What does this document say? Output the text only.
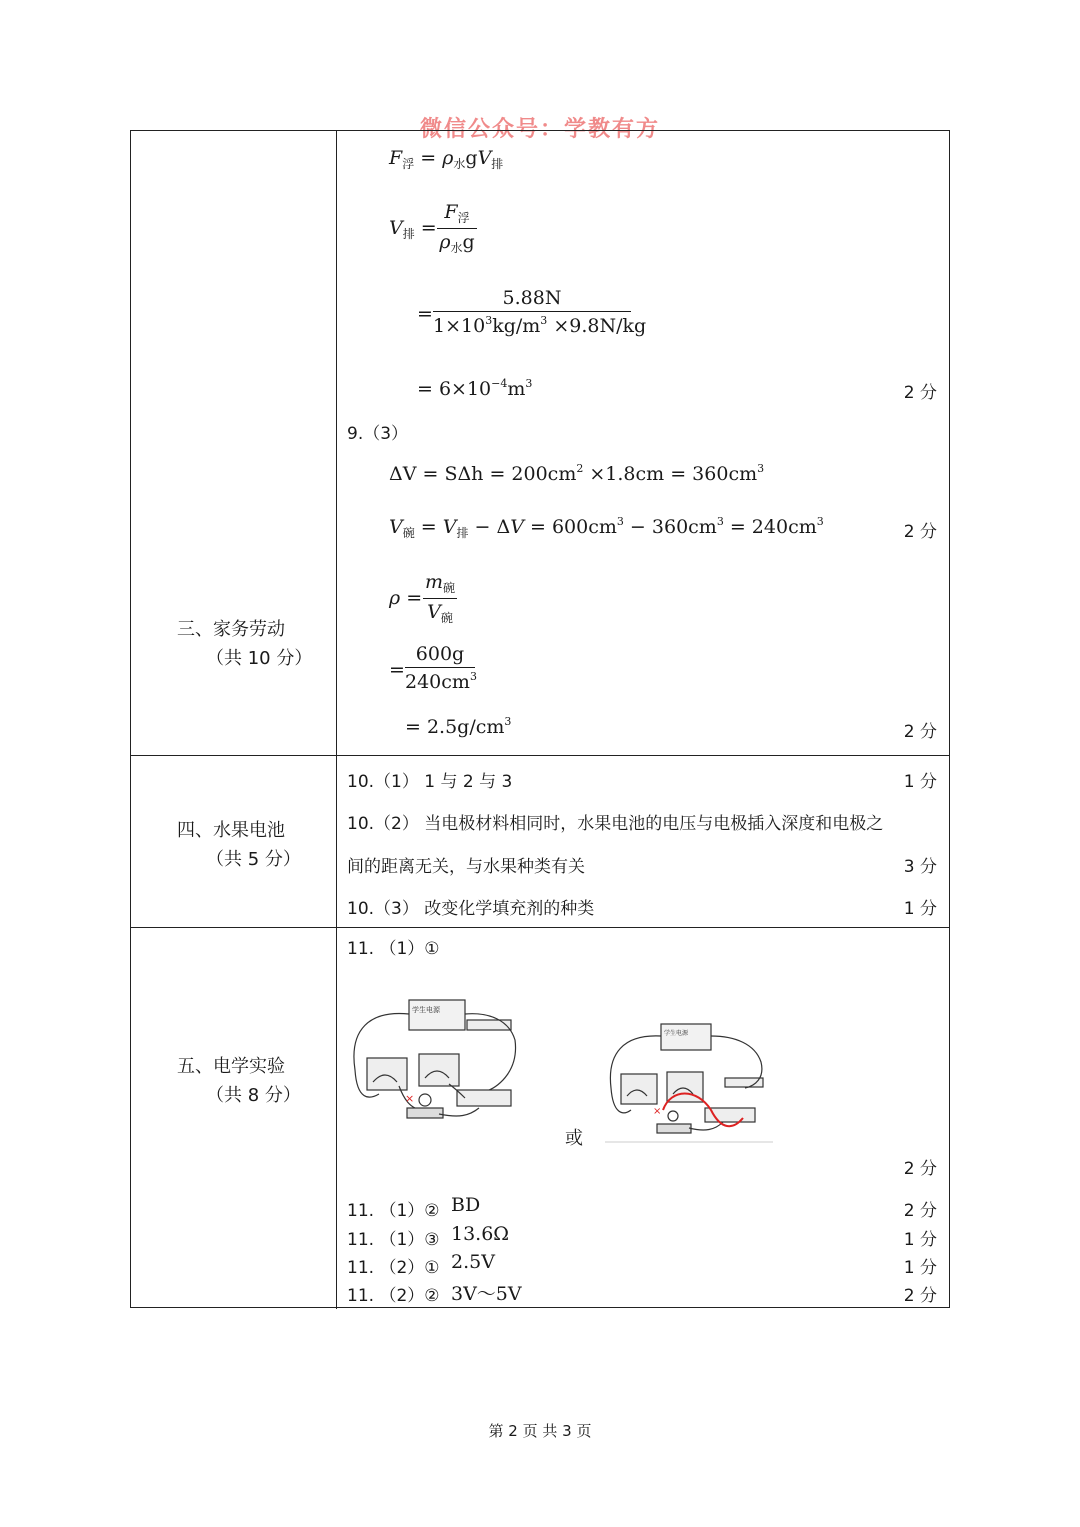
微信公众号：学教有方
三、家务劳动
（共 10 分）
$F_浮 = \rho_水gV_排$
$V_排$ =
$F_浮$
$\rho_水g$
=
5.88N
$1\times 10^3kg/m^3 \times 9.8N/kg$
= $6\times 10^{-4}m^3$	2 分
9.（3）
$\Delta V = S\Delta h = 200cm^2 \times 1.8cm = 360cm^3$
$V_碗 = V_排 - \Delta V = 600cm^3 - 360cm^3 = 240cm^3$
2 分
ρ =
$m_碗$
$V_碗$
=
600g
$240cm^3$
= $2.5g/cm^3$
2 分
四、水果电池
（共 5 分）
10.（1） 1 与 2 与 3	1 分
10.（2） 当电极材料相同时，水果电池的电压与电极插入深度和电极之
间的距离无关，与水果种类有关	3 分
10.（3） 改变化学填充剂的种类	1 分
五、电学实验
（共 8 分）
11. （1）①
学生电源
×
或
学生电源
×
2 分
11. （1）② BD	2 分
11. （1）③ 13.6Ω	1 分
11. （2）① 2.5V	1 分
11. （2）② 3V～5V	2 分
第 2 页 共 3 页
